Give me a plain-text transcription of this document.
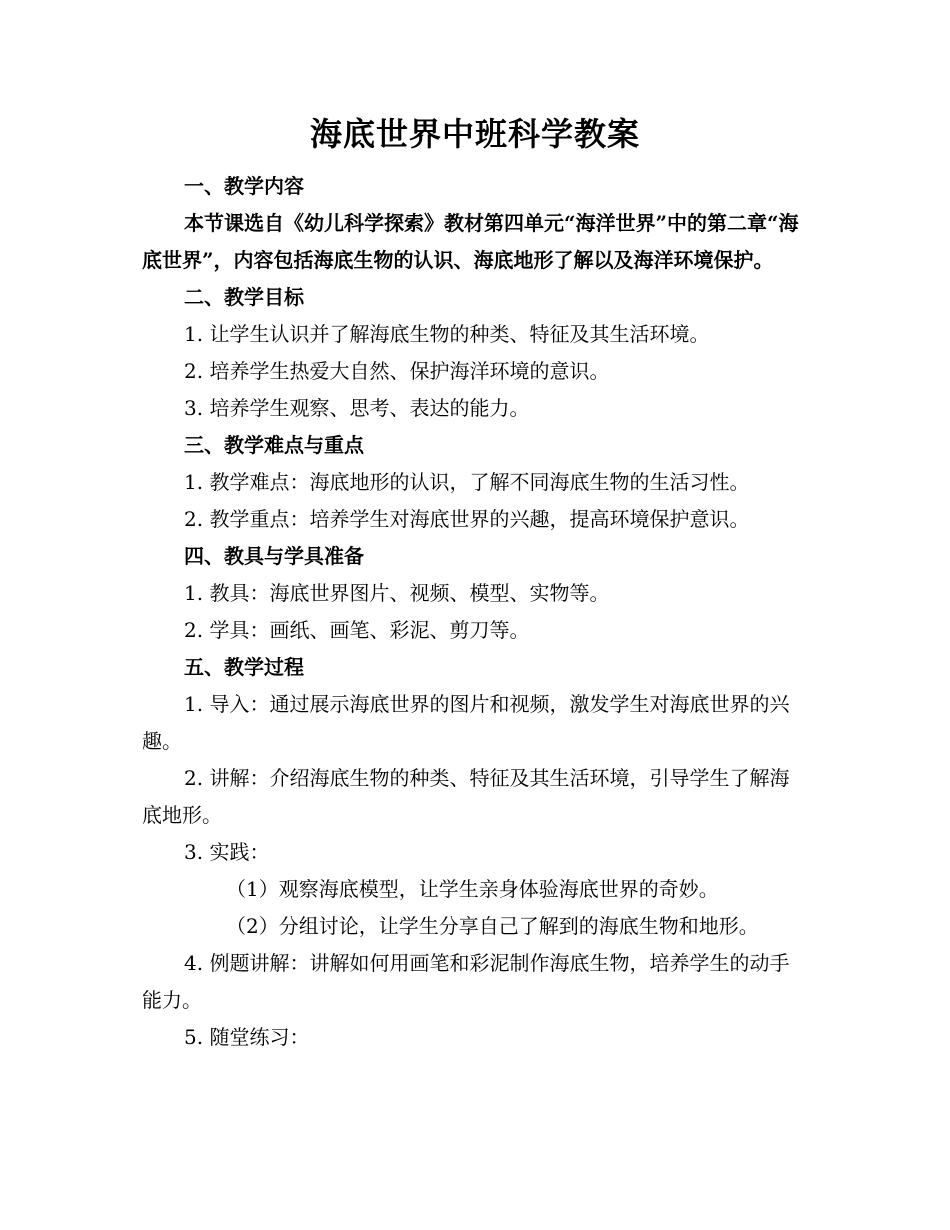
海底世界中班科学教案

一、教学内容

本节课选自《幼儿科学探索》教材第四单元“海洋世界”中的第二章“海底世界”，内容包括海底生物的认识、海底地形了解以及海洋环境保护。

二、教学目标

1. 让学生认识并了解海底生物的种类、特征及其生活环境。

2. 培养学生热爱大自然、保护海洋环境的意识。

3. 培养学生观察、思考、表达的能力。

三、教学难点与重点

1. 教学难点：海底地形的认识，了解不同海底生物的生活习性。

2. 教学重点：培养学生对海底世界的兴趣，提高环境保护意识。

四、教具与学具准备

1. 教具：海底世界图片、视频、模型、实物等。

2. 学具：画纸、画笔、彩泥、剪刀等。

五、教学过程

1. 导入：通过展示海底世界的图片和视频，激发学生对海底世界的兴趣。

2. 讲解：介绍海底生物的种类、特征及其生活环境，引导学生了解海底地形。

3. 实践：

（1）观察海底模型，让学生亲身体验海底世界的奇妙。

（2）分组讨论，让学生分享自己了解到的海底生物和地形。

4. 例题讲解：讲解如何用画笔和彩泥制作海底生物，培养学生的动手能力。

5. 随堂练习：
